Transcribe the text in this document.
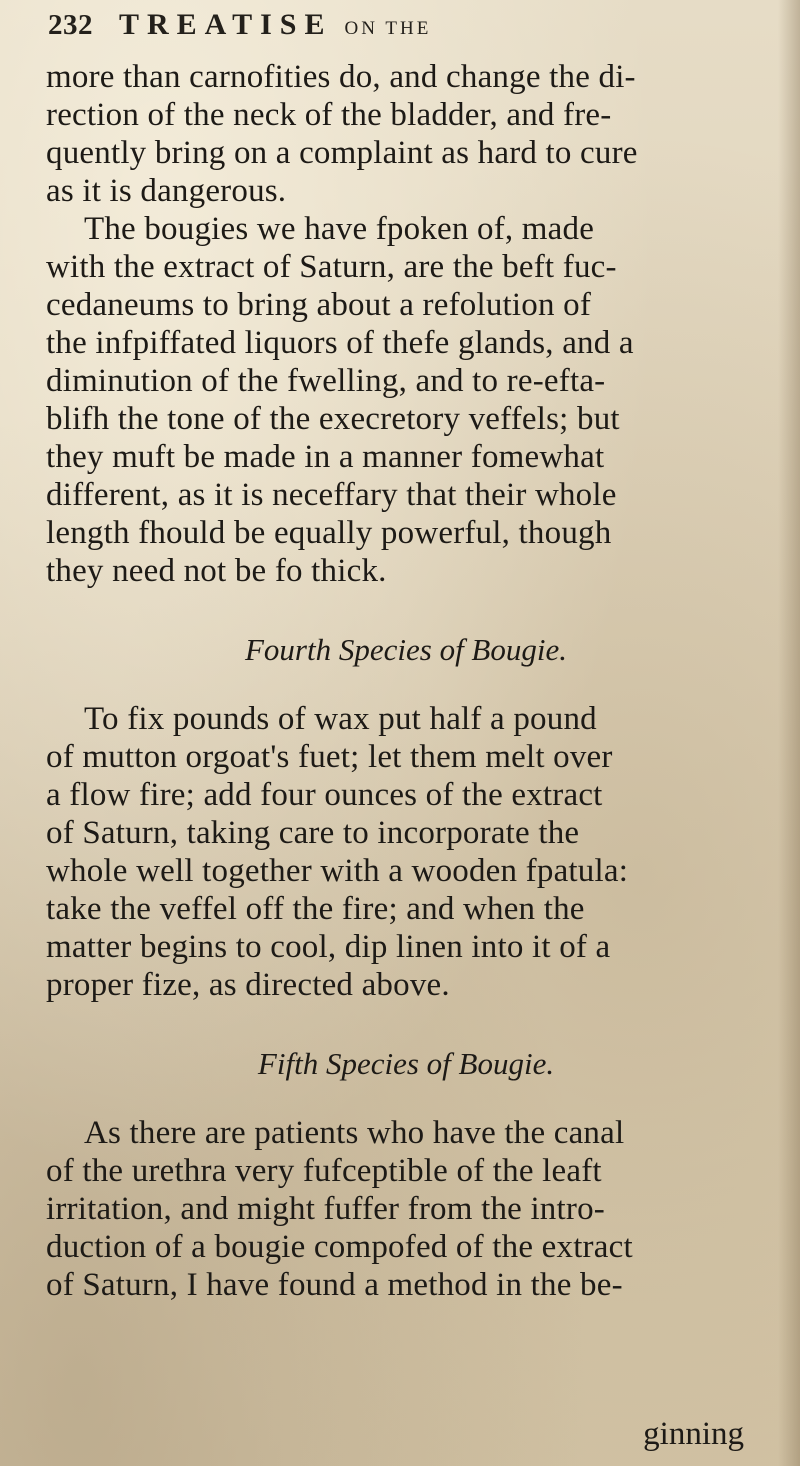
232 TREATISE ON THE
more than carnofities do, and change the di-
rection of the neck of the bladder, and fre-
quently bring on a complaint as hard to cure
as it is dangerous.
The bougies we have fpoken of, made
with the extract of Saturn, are the beft fuc-
cedaneums to bring about a refolution of
the infpiffated liquors of thefe glands, and a
diminution of the fwelling, and to re-efta-
blifh the tone of the execretory veffels; but
they muft be made in a manner fomewhat
different, as it is neceffary that their whole
length fhould be equally powerful, though
they need not be fo thick.
Fourth Species of Bougie.
To fix pounds of wax put half a pound
of mutton orgoat's fuet; let them melt over
a flow fire; add four ounces of the extract
of Saturn, taking care to incorporate the
whole well together with a wooden fpatula:
take the veffel off the fire; and when the
matter begins to cool, dip linen into it of a
proper fize, as directed above.
Fifth Species of Bougie.
As there are patients who have the canal
of the urethra very fufceptible of the leaft
irritation, and might fuffer from the intro-
duction of a bougie compofed of the extract
of Saturn, I have found a method in the be-
ginning
